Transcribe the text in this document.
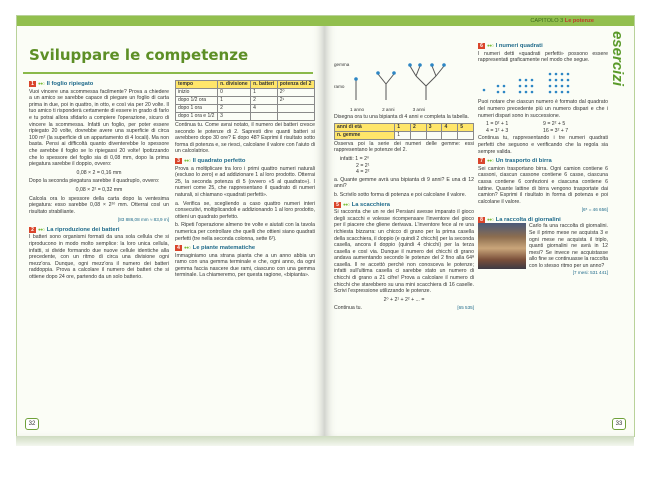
Sviluppare le competenze
1 ●●○ Il foglio ripiegato
Vuoi vincere una scommessa facilmente? Prova a chiedere a un amico se sarebbe capace di piegare un foglio di carta prima in due, poi in quattro, in otto, e così via per 20 volte. Il tuo amico ti risponderà certamente di essere in grado di farlo e tu potrai allora sfidarlo a compiere l'operazione, sicuro di vincere la scommessa. Infatti un foglio, per poter essere ripiegato 20 volte, dovrebbe avere una superficie di circa 100 m² (la superficie di un appartamento di 4 locali). Ma non basta. Pensi ai difficoltà quanto diventerebbe lo spessore che avrebbe il foglio se lo ripiegassi 20 volte! Ipotizzando che lo spessore del foglio sia di 0,08 mm, dopo la prima piegatura sarebbe il doppio, ovvero:
0,08 × 2 = 0,16 mm
Dopo la seconda piegatura sarebbe il quadruplo, ovvero:
0,08 × 2² = 0,32 mm
Calcola ora lo spessore della carta dopo la ventesima piegatura: esso sarebbe 0,08 × 2²⁰ mm. Otterrai così un risultato strabiliante.
[83 886,08 mm ≈ 83,9 m]
2 ●●○ La riproduzione dei batteri
I batteri sono organismi formati da una sola cellula che si riproducono in modo molto semplice: la loro unica cellula, infatti, si divide formando due nuove cellule identiche alla precedente, con un ritmo di circa una divisione ogni mezz'ora. Dunque, ogni mezz'ora il numero dei batteri raddoppia. Prova a calcolare il numero dei batteri che si ottiene dopo 24 ore, partendo da un solo batterio.
tempo	n. divisione	n. batteri	potenza del 2
inizio	0	1	2⁰
dopo 1/2 ora	1	2	2¹
dopo 1 ora	2	4	
dopo 1 ora e 1/2	3		
Continua tu. Come avrai notato, il numero dei batteri cresce secondo le potenze di 2. Sapresti dire quanti batteri si avrebbero dopo 30 ore? E dopo 48? Esprimi il risultato sotto forma di potenza e, se riesci, calcolane il valore con l'aiuto di un calcolatrice.
3 ●●○ Il quadrato perfetto
Prova a moltiplicare tra loro i primi quattro numeri naturali (escluso lo zero) e ad addizionare 1 al loro prodotto. Otterrai 25, la seconda potenza di 5 (ovvero «5 al quadrato»). I numeri come 25, che rappresentano il quadrato di numeri naturali, si chiamano «quadrati perfetti».
a. Verifica se, scegliendo a caso quattro numeri interi consecutivi, moltiplicandoli e addizionando 1 al loro prodotto, ottieni un quadrato perfetto.
b. Ripeti l'operazione almeno tre volte e aiutati con la tavola numerica per controllare che quelli che ottieni siano quadrati perfetti (tre nella seconda colonna, sette 6²).
4 ●●○ Le piante matematiche
Immaginiamo una strana pianta che a un anno abbia un ramo con una gemma terminale e che, ogni anno, da ogni gemma faccia nascere due rami, ciascuno con una gemma terminale. La chiameremo, per questa ragione, «bipianta».
32
CAPITOLO 3 Le potenze
esercizi
gemma
ramo
1 anno	2 anni	3 anni
Disegna ora tu una bipianta di 4 anni e completa la tabella.
anni di età	1	2	3	4	5
n. gemme	1				
Osserva poi la serie dei numeri delle gemme: essi rappresentano le potenze del 2.
infatti: 1 = 2⁰
2 = 2¹
4 = 2²
a. Quante gemme avrà una bipianta di 9 anni? E una di 12 anni?
b. Scrivilo sotto forma di potenza e poi calcolane il valore.
5 ●●○ La scacchiera
Si racconta che un re dei Persiani avesse imparato il gioco degli scacchi e volesse ricompensare l'inventore del gioco per il piacere che gliene derivava. L'inventore fece al re una richiesta bizzarra: un chicco di grano per la prima casella della scacchiera, il doppio (e quindi 2 chicchi) per la seconda casella, ancora il doppio (quindi 4 chicchi) per la terza casella e così via. Dunque il numero dei chicchi di grano andava aumentando secondo le potenze del 2 fino alla 64ª casella. Il re accettò perché non conosceva le potenze; infatti sull'ultima casella ci sarebbe stato un numero di chicchi di grano a 21 cifre! Prova a calcolare il numero di chicchi che starebbero su una mini scacchiera di 16 caselle. Scrivi l'espressione utilizzando le potenze.
2⁰ + 2¹ + 2² + ... =
Continua tu.	[65 535]
6 ●●○ I numeri quadrati
I numeri detti «quadrati perfetti» possono essere rappresentati graficamente nel modo che segue.
Puoi notare che ciascun numero è formato dal quadrato del numero precedente più un numero dispari e che i numeri dispari sono in successione.
1 = 0² + 1	9 = 2² + 5
4 = 1² + 3	16 = 3² + 7
Continua tu, rappresentando i tre numeri quadrati perfetti che seguono e verificando che la regola sia sempre valida.
7 ●●○ Un trasporto di birra
Sei camion trasportano birra. Ogni camion contiene 6 cassoni, ciascun cassone contiene 6 casse, ciascuna cassa contiene 6 confezioni e ciascuna contiene 6 lattine. Quante lattine di birra vengono trasportate dai camion? Esprimi il risultato in forma di potenza e poi calcolane il valore.
[6⁵ = 46 656]
8 ●●○ La raccolta di giornalini
Carlo fa una raccolta di giornalini. Se il primo mese ne acquista 3 e ogni mese ne acquista il triplo, quanti giornalini ne avrà in 12 mesi? Se invece ne acquistasse allo fine se continuasse la raccolta con lo stesso ritmo per un anno?
[7 mesi: 531 441]
33
